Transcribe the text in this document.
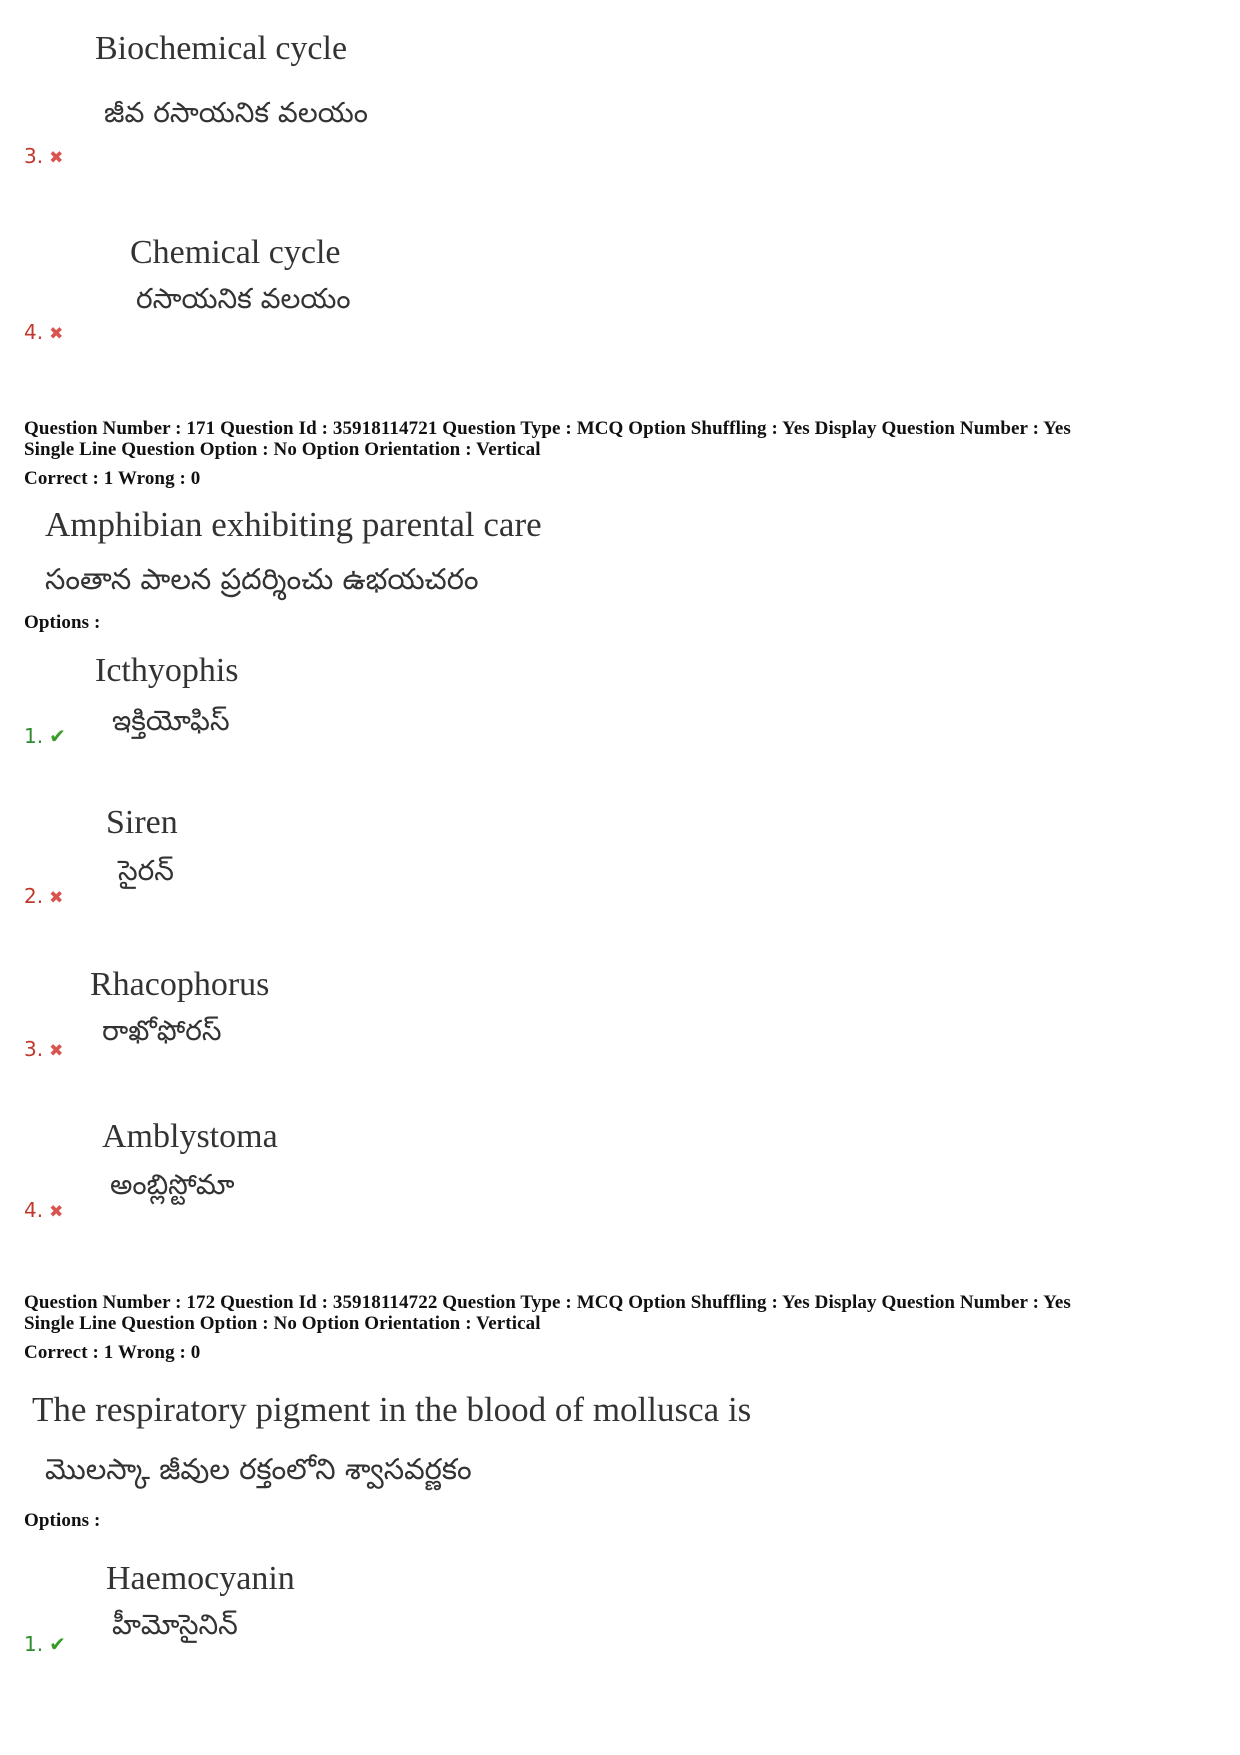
Biochemical cycle
జీవ రసాయనిక వలయం
3. ✖
Chemical cycle
రసాయనిక వలయం
4. ✖
Question Number : 171 Question Id : 35918114721 Question Type : MCQ Option Shuffling : Yes Display Question Number : Yes
Single Line Question Option : No Option Orientation : Vertical
Correct : 1 Wrong : 0
Amphibian exhibiting parental care
సంతాన పాలన ప్రదర్శించు ఉభయచరం
Options :
Icthyophis
ఇక్తియోఫిస్
1. ✔
Siren
సైరన్
2. ✖
Rhacophorus
రాఖోఫోరస్
3. ✖
Amblystoma
అంబ్లిస్టోమా
4. ✖
Question Number : 172 Question Id : 35918114722 Question Type : MCQ Option Shuffling : Yes Display Question Number : Yes
Single Line Question Option : No Option Orientation : Vertical
Correct : 1 Wrong : 0
The respiratory pigment in the blood of mollusca is
మొలస్కా జీవుల రక్తంలోని శ్వాసవర్ణకం
Options :
Haemocyanin
హీమోసైనిన్
1. ✔
